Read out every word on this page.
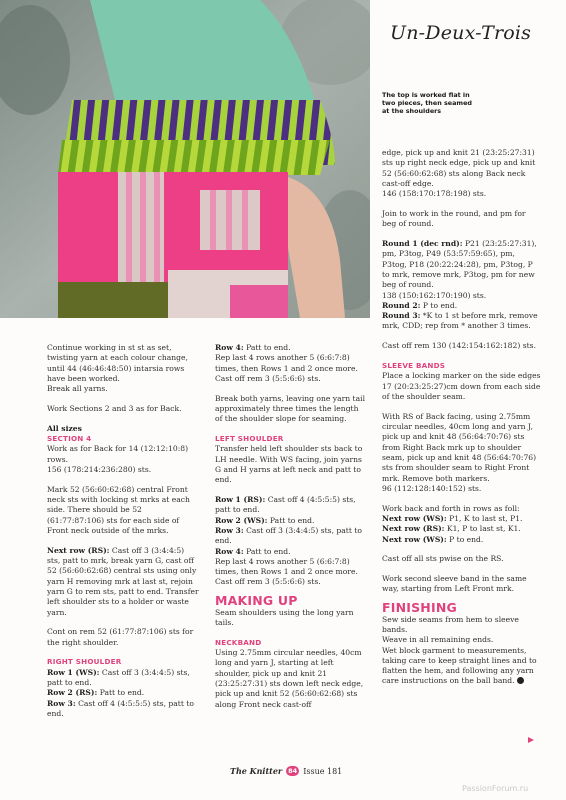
Un-Deux-Trois
The top is worked flat in two pieces, then seamed at the shoulders

Continue working in st st as set, twisting yarn at each colour change, until 44 (46:46:48:50) intarsia rows have been worked.

Break all yarns.

Work Sections 2 and 3 as for Back.

All sizes

SECTION 4

Work as for Back for 14 (12:12:10:8) rows.

156 (178:214:236:280) sts.

Mark 52 (56:60:62:68) central Front neck sts with locking st mrks at each side. There should be 52 (61:77:87:106) sts for each side of Front neck outside of the mrks.

Next row (RS): Cast off 3 (3:4:4:5) sts, patt to mrk, break yarn G, cast off 52 (56:60:62:68) central sts using only yarn H removing mrk at last st, rejoin yarn G to rem sts, patt to end. Transfer left shoulder sts to a holder or waste yarn.

Cont on rem 52 (61:77:87:106) sts for the right shoulder.

RIGHT SHOULDER

Row 1 (WS): Cast off 3 (3:4:4:5) sts, patt to end.

Row 2 (RS): Patt to end.

Row 3: Cast off 4 (4:5:5:5) sts, patt to end.

Row 4: Patt to end.

Rep last 4 rows another 5 (6:6:7:8) times, then Rows 1 and 2 once more.

Cast off rem 3 (5:5:6:6) sts.

Break both yarns, leaving one yarn tail approximately three times the length of the shoulder slope for seaming.

LEFT SHOULDER

Transfer held left shoulder sts back to LH needle. With WS facing, join yarns G and H yarns at left neck and patt to end.

Row 1 (RS): Cast off 4 (4:5:5:5) sts, patt to end.

Row 2 (WS): Patt to end.

Row 3: Cast off 3 (3:4:4:5) sts, patt to end.

Row 4: Patt to end.

Rep last 4 rows another 5 (6:6:7:8) times, then Rows 1 and 2 once more.

Cast off rem 3 (5:5:6:6) sts.

MAKING UP

Seam shoulders using the long yarn tails.

NECKBAND

Using 2.75mm circular needles, 40cm long and yarn J, starting at left shoulder, pick up and knit 21 (23:25:27:31) sts down left neck edge, pick up and knit 52 (56:60:62:68) sts along Front neck cast-off

edge, pick up and knit 21 (23:25:27:31) sts up right neck edge, pick up and knit 52 (56:60:62:68) sts along Back neck cast-off edge.

146 (158:170:178:198) sts.

Join to work in the round, and pm for beg of round.

Round 1 (dec rnd): P21 (23:25:27:31), pm, P3tog, P49 (53:57:59:65), pm, P3tog, P18 (20:22:24:28), pm, P3tog, P to mrk, remove mrk, P3tog, pm for new beg of round.

138 (150:162:170:190) sts.

Round 2: P to end.

Round 3: *K to 1 st before mrk, remove mrk, CDD; rep from * another 3 times.

Cast off rem 130 (142:154:162:182) sts.

SLEEVE BANDS

Place a locking marker on the side edges 17 (20:23:25:27)cm down from each side of the shoulder seam.

With RS of Back facing, using 2.75mm circular needles, 40cm long and yarn J, pick up and knit 48 (56:64:70:76) sts from Right Back mrk up to shoulder seam, pick up and knit 48 (56:64:70:76) sts from shoulder seam to Right Front mrk. Remove both markers.

96 (112:128:140:152) sts.

Work back and forth in rows as foll:

Next row (WS): P1, K to last st, P1.

Next row (RS): K1, P to last st, K1.

Next row (WS): P to end.

Cast off all sts pwise on the RS.

Work second sleeve band in the same way, starting from Left Front mrk.

FINISHING

Sew side seams from hem to sleeve bands.

Weave in all remaining ends.

Wet block garment to measurements, taking care to keep straight lines and to flatten the hem, and following any yarn care instructions on the ball band.

The Knitter 84 Issue 181
PassionForum.ru
